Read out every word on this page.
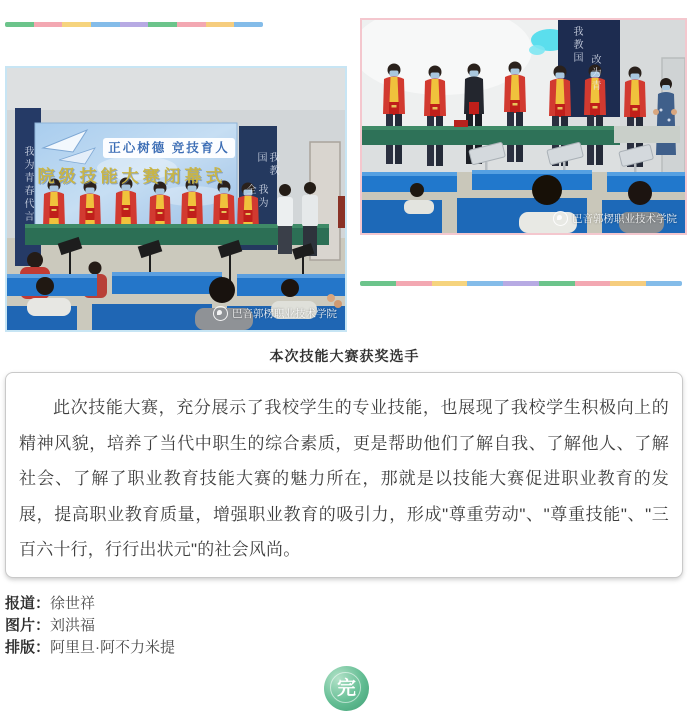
我为青春代言	我教国
我为全
正心树德 竞技育人
院级技能大赛闭幕式
巴音郭楞职业技术学院
我教国
改为青
巴音郭楞职业技术学院
本次技能大赛获奖选手

此次技能大赛，充分展示了我校学生的专业技能，也展现了我校学生积极向上的精神风貌，培养了当代中职生的综合素质，更是帮助他们了解自我、了解他人、了解社会、了解了职业教育技能大赛的魅力所在，那就是以技能大赛促进职业教育的发展，提高职业教育质量，增强职业教育的吸引力，形成"尊重劳动"、"尊重技能"、"三百六十行，行行出状元"的社会风尚。

报道：徐世祥
图片：刘洪福
排版：阿里旦·阿不力米提
完
